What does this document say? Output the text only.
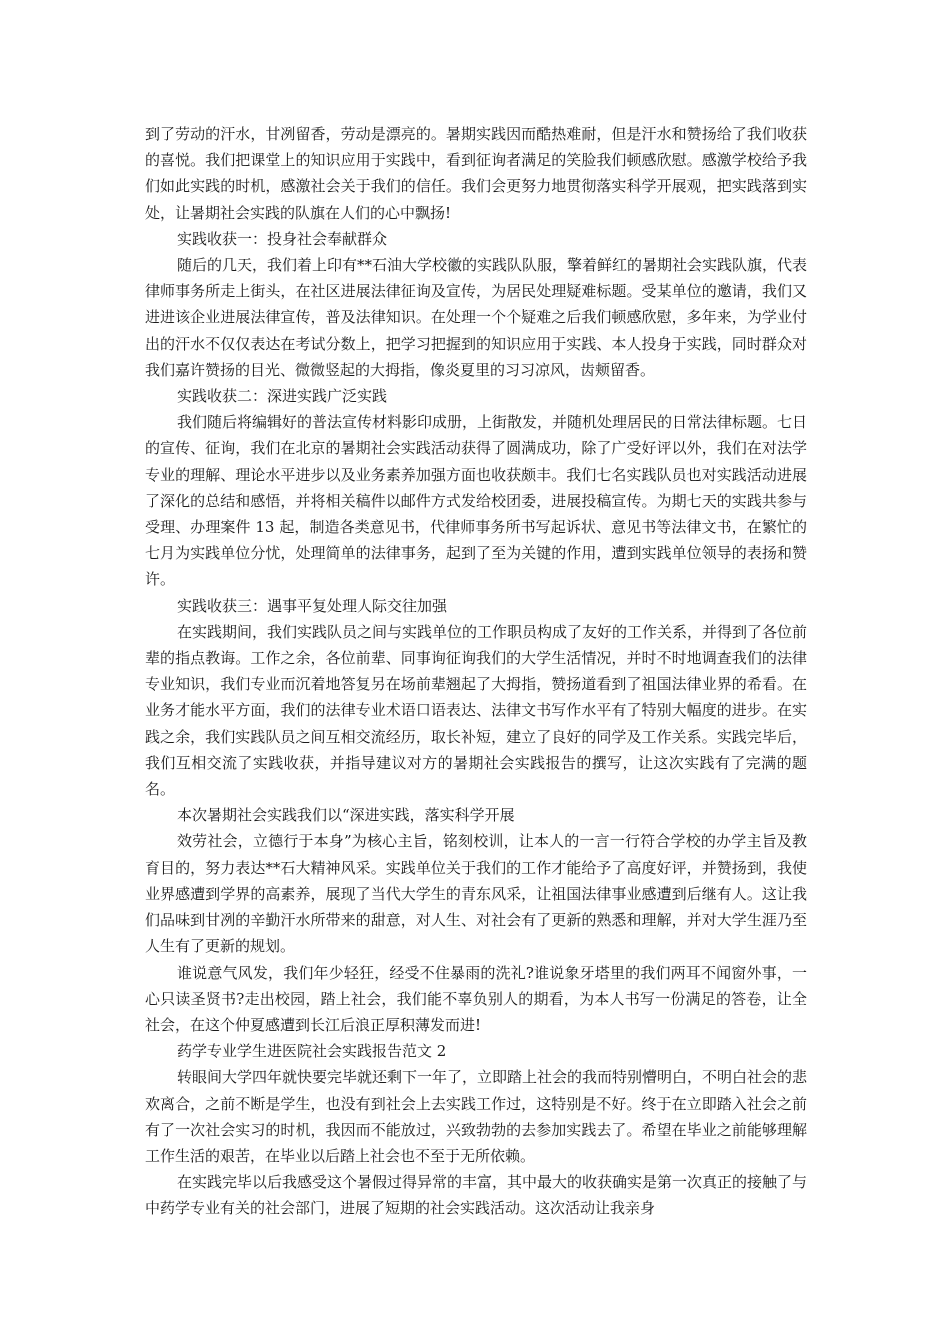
到了劳动的汗水，甘冽留香，劳动是漂亮的。暑期实践因而酷热难耐，但是汗水和赞扬给了我们收获的喜悦。我们把课堂上的知识应用于实践中，看到征询者满足的笑脸我们顿感欣慰。感激学校给予我们如此实践的时机，感激社会关于我们的信任。我们会更努力地贯彻落实科学开展观，把实践落到实处，让暑期社会实践的队旗在人们的心中飘扬!

实践收获一：投身社会奉献群众

随后的几天，我们着上印有**石油大学校徽的实践队队服，擎着鲜红的暑期社会实践队旗，代表律师事务所走上街头，在社区进展法律征询及宣传，为居民处理疑难标题。受某单位的邀请，我们又进进该企业进展法律宣传，普及法律知识。在处理一个个疑难之后我们顿感欣慰，多年来，为学业付出的汗水不仅仅表达在考试分数上，把学习把握到的知识应用于实践、本人投身于实践，同时群众对我们嘉许赞扬的目光、微微竖起的大拇指，像炎夏里的习习凉风，齿颊留香。

实践收获二：深进实践广泛实践

我们随后将编辑好的普法宣传材料影印成册，上街散发，并随机处理居民的日常法律标题。七日的宣传、征询，我们在北京的暑期社会实践活动获得了圆满成功，除了广受好评以外，我们在对法学专业的理解、理论水平进步以及业务素养加强方面也收获颇丰。我们七名实践队员也对实践活动进展了深化的总结和感悟，并将相关稿件以邮件方式发给校团委，进展投稿宣传。为期七天的实践共参与受理、办理案件 13 起，制造各类意见书，代律师事务所书写起诉状、意见书等法律文书，在繁忙的七月为实践单位分忧，处理简单的法律事务，起到了至为关键的作用，遭到实践单位领导的表扬和赞许。

实践收获三：遇事平复处理人际交往加强

在实践期间，我们实践队员之间与实践单位的工作职员构成了友好的工作关系，并得到了各位前辈的指点教诲。工作之余，各位前辈、同事询征询我们的大学生活情况，并时不时地调查我们的法律专业知识，我们专业而沉着地答复另在场前辈翘起了大拇指，赞扬道看到了祖国法律业界的希看。在业务才能水平方面，我们的法律专业术语口语表达、法律文书写作水平有了特别大幅度的进步。在实践之余，我们实践队员之间互相交流经历，取长补短，建立了良好的同学及工作关系。实践完毕后，我们互相交流了实践收获，并指导建议对方的暑期社会实践报告的撰写，让这次实践有了完满的题名。

本次暑期社会实践我们以“深进实践，落实科学开展

效劳社会，立德行于本身”为核心主旨，铭刻校训，让本人的一言一行符合学校的办学主旨及教育目的，努力表达**石大精神风采。实践单位关于我们的工作才能给予了高度好评，并赞扬到，我使业界感遭到学界的高素养，展现了当代大学生的青东风采，让祖国法律事业感遭到后继有人。这让我们品味到甘冽的辛勤汗水所带来的甜意，对人生、对社会有了更新的熟悉和理解，并对大学生涯乃至人生有了更新的规划。

谁说意气风发，我们年少轻狂，经受不住暴雨的洗礼?谁说象牙塔里的我们两耳不闻窗外事，一心只读圣贤书?走出校园，踏上社会，我们能不辜负别人的期看，为本人书写一份满足的答卷，让全社会，在这个仲夏感遭到长江后浪正厚积薄发而进!

药学专业学生进医院社会实践报告范文 2

转眼间大学四年就快要完毕就还剩下一年了，立即踏上社会的我而特别懵明白，不明白社会的悲欢离合，之前不断是学生，也没有到社会上去实践工作过，这特别是不好。终于在立即踏入社会之前有了一次社会实习的时机，我因而不能放过，兴致勃勃的去参加实践去了。希望在毕业之前能够理解工作生活的艰苦，在毕业以后踏上社会也不至于无所依赖。

在实践完毕以后我感受这个暑假过得异常的丰富，其中最大的收获确实是第一次真正的接触了与中药学专业有关的社会部门，进展了短期的社会实践活动。这次活动让我亲身
